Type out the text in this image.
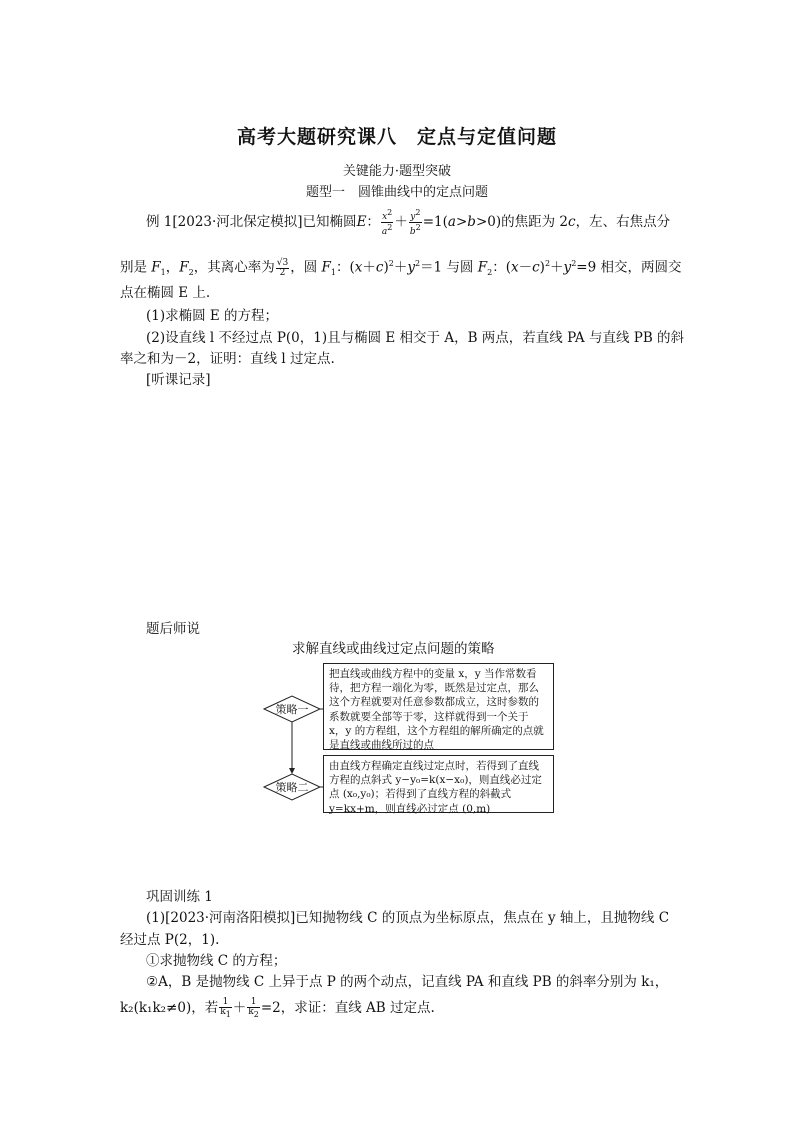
高考大题研究课八　定点与定值问题
关键能力·题型突破
题型一　圆锥曲线中的定点问题
例 1[2023·河北保定模拟]已知椭圆E： $\frac{x^2}{a^2} + \frac{y^2}{b^2} =1(a>b>0)$的焦距为 2c，左、右焦点分
别是 $F_1$，$F_2$，其离心率为 $\frac{√3}{2}$ ，圆 $F_1$：$(x+c)^2+y^2=1$ 与圆 $F_2$：$(x-c)^2+y^2=9$ 相交，两圆交
点在椭圆 E 上.
(1)求椭圆 E 的方程；
(2)设直线 l 不经过点 P(0，1)且与椭圆 E 相交于 A，B 两点，若直线 PA 与直线 PB 的斜
率之和为－2，证明：直线 l 过定点.
[听课记录]
题后师说
求解直线或曲线过定点问题的策略
策略一
策略二
把直线或曲线方程中的变量 x，y 当作常数看待，把方程一端化为零，既然是过定点，那么这个方程就要对任意参数都成立，这时参数的系数就要全部等于零，这样就得到一个关于 x，y 的方程组，这个方程组的解所确定的点就是直线或曲线所过的点
由直线方程确定直线过定点时，若得到了直线方程的点斜式 y−y₀=k(x−x₀)，则直线必过定点 (x₀,y₀)；若得到了直线方程的斜截式 y=kx+m，则直线必过定点 (0,m)
巩固训练 1
(1)[2023·河南洛阳模拟]已知抛物线 C 的顶点为坐标原点，焦点在 y 轴上，且抛物线 C
经过点 P(2，1).
①求抛物线 C 的方程；
②A，B 是抛物线 C 上异于点 P 的两个动点，记直线 PA 和直线 PB 的斜率分别为 k₁，
k₂(k₁k₂≠0)，若 $\frac{1}{k_1} + \frac{1}{k_2} =2$，求证：直线 AB 过定点.
